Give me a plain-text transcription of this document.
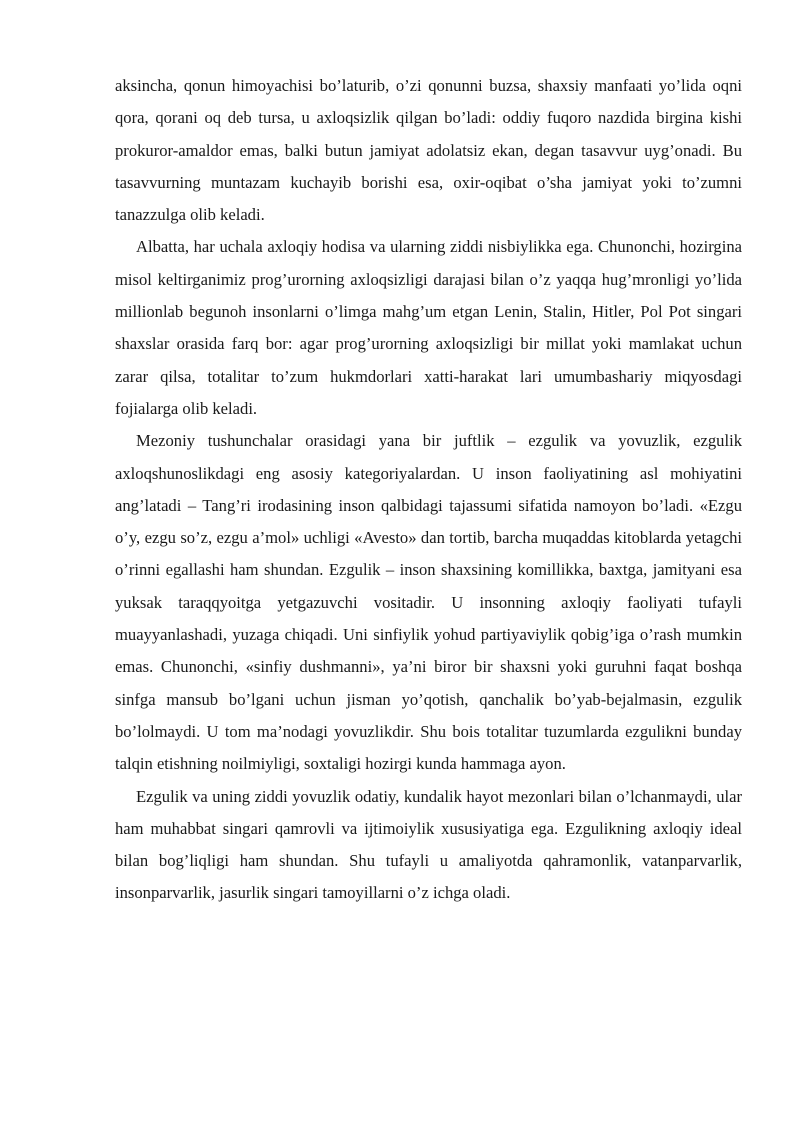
aksincha, qonun himoyachisi bo’laturib, o’zi qonunni buzsa, shaxsiy manfaati yo’lida oqni qora, qorani oq deb tursa, u axloqsizlik qilgan bo’ladi: oddiy fuqoro nazdida birgina kishi prokuror-amaldor emas, balki butun jamiyat adolatsiz ekan, degan tasavvur uyg’onadi. Bu tasavvurning muntazam kuchayib borishi esa, oxir-oqibat o’sha jamiyat yoki to’zumni tanazzulga olib keladi.

Albatta, har uchala axloqiy hodisa va ularning ziddi nisbiylikka ega. Chunonchi, hozirgina misol keltirganimiz prog’urorning axloqsizligi darajasi bilan o’z yaqqa hug’mronligi yo’lida millionlab begunoh insonlarni o’limga mahg’um etgan Lenin, Stalin, Hitler, Pol Pot singari shaxslar orasida farq bor: agar prog’urorning axloqsizligi bir millat yoki mamlakat uchun zarar qilsa, totalitar to’zum hukmdorlari xatti-harakat lari umumbashariy miqyosdagi fojialarga olib keladi.

Mezoniy tushunchalar orasidagi yana bir juftlik – ezgulik va yovuzlik, ezgulik axloqshunoslikdagi eng asosiy kategoriyalardan. U inson faoliyatining asl mohiyatini ang’latadi – Tang’ri irodasining inson qalbidagi tajassumi sifatida namoyon bo’ladi. «Ezgu o’y, ezgu so’z, ezgu a’mol» uchligi «Avesto» dan tortib, barcha muqaddas kitoblarda yetagchi o’rinni egallashi ham shundan. Ezgulik – inson shaxsining komillikka, baxtga, jamityani esa yuksak taraqqyoitga yetgazuvchi vositadir. U insonning axloqiy faoliyati tufayli muayyanlashadi, yuzaga chiqadi. Uni sinfiylik yohud partiyaviylik qobig’iga o’rash mumkin emas. Chunonchi, «sinfiy dushmanni», ya’ni biror bir shaxsni yoki guruhni faqat boshqa sinfga mansub bo’lgani uchun jisman yo’qotish, qanchalik bo’yab-bejalmasin, ezgulik bo’lolmaydi. U tom ma’nodagi yovuzlikdir. Shu bois totalitar tuzumlarda ezgulikni bunday talqin etishning noilmiyligi, soxtaligi hozirgi kunda hammaga ayon.

Ezgulik va uning ziddi yovuzlik odatiy, kundalik hayot mezonlari bilan o’lchanmaydi, ular ham muhabbat singari qamrovli va ijtimoiylik xususiyatiga ega. Ezgulikning axloqiy ideal bilan bog’liqligi ham shundan. Shu tufayli u amaliyotda qahramonlik, vatanparvarlik, insonparvarlik, jasurlik singari tamoyillarni o’z ichga oladi.
